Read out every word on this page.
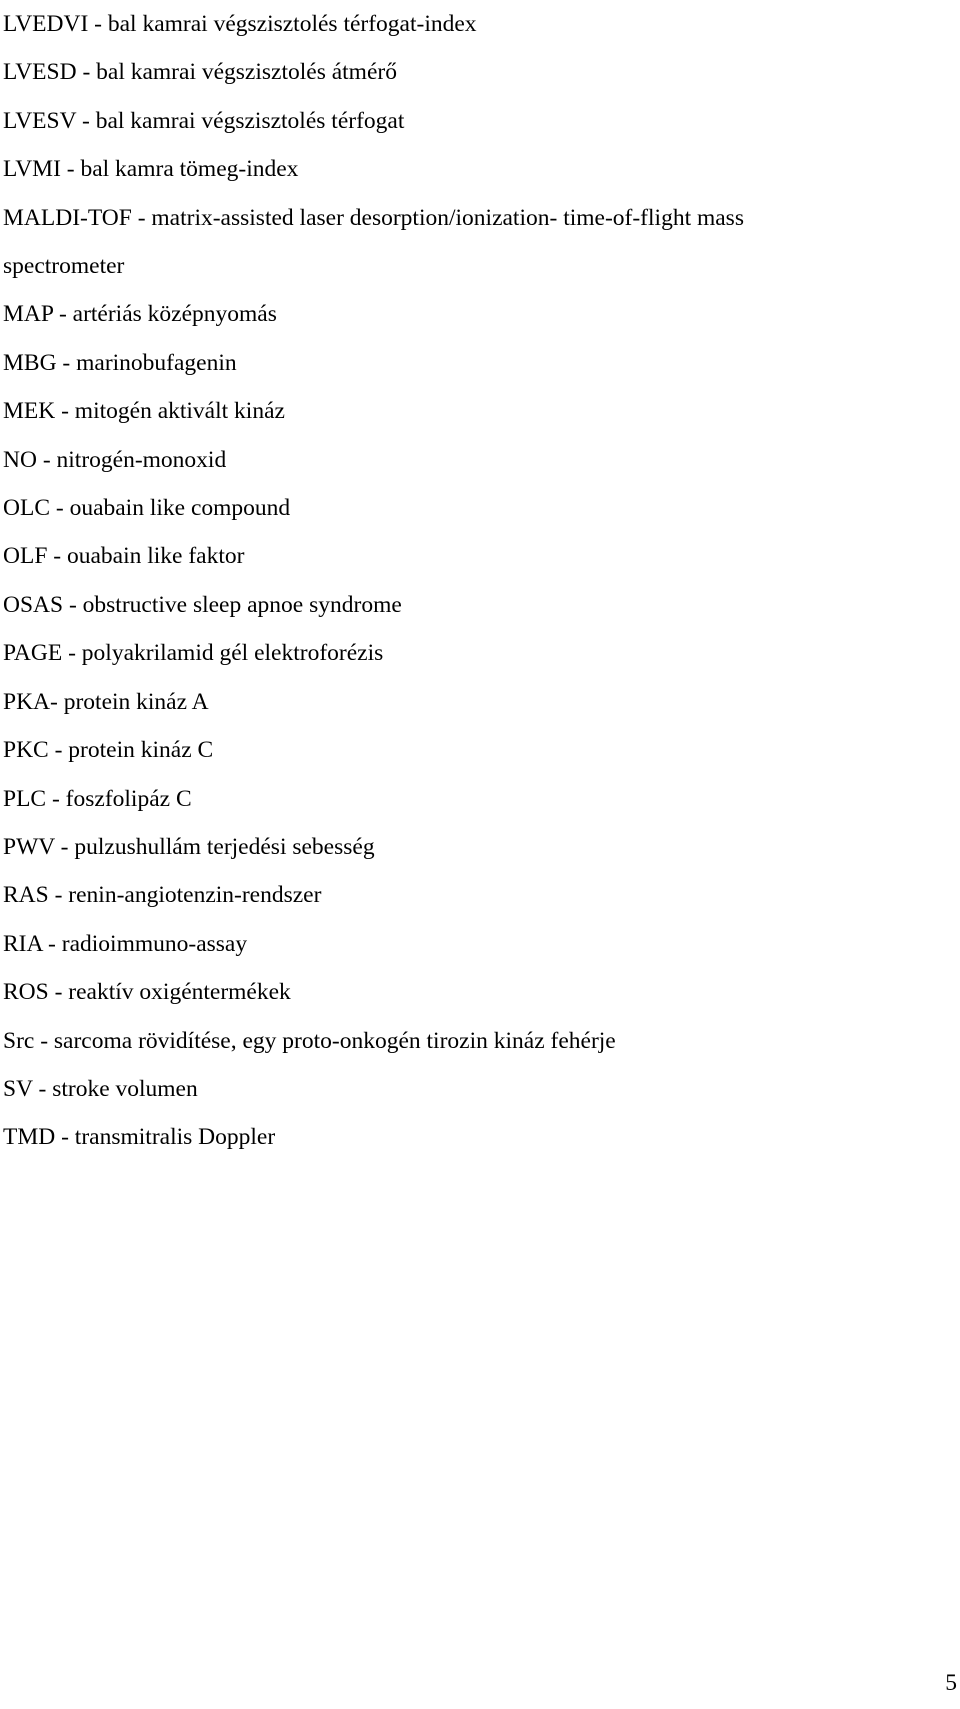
LVEDVI - bal kamrai végszisztolés térfogat-index
LVESD - bal kamrai végszisztolés átmérő
LVESV - bal kamrai végszisztolés térfogat
LVMI - bal kamra tömeg-index
MALDI-TOF - matrix-assisted laser desorption/ionization- time-of-flight mass
spectrometer
MAP - artériás középnyomás
MBG - marinobufagenin
MEK - mitogén aktivált kináz
NO - nitrogén-monoxid
OLC - ouabain like compound
OLF - ouabain like faktor
OSAS - obstructive sleep apnoe syndrome
PAGE - polyakrilamid gél elektroforézis
PKA- protein kináz A
PKC - protein kináz C
PLC - foszfolipáz C
PWV - pulzushullám terjedési sebesség
RAS - renin-angiotenzin-rendszer
RIA - radioimmuno-assay
ROS - reaktív oxigéntermékek
Src - sarcoma rövidítése, egy proto-onkogén tirozin kináz fehérje
SV - stroke volumen
TMD - transmitralis Doppler
5
